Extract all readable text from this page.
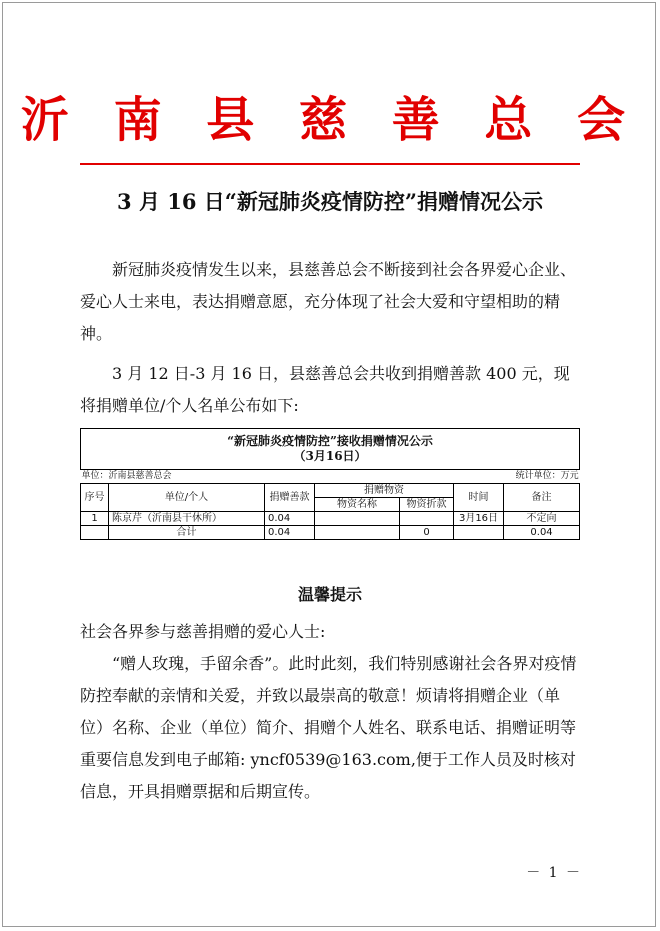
沂 南 县 慈 善 总 会
3 月 16 日“新冠肺炎疫情防控”捐赠情况公示
新冠肺炎疫情发生以来，县慈善总会不断接到社会各界爱心企业、爱心人士来电，表达捐赠意愿，充分体现了社会大爱和守望相助的精神。
3 月 12 日-3 月 16 日，县慈善总会共收到捐赠善款 400 元，现将捐赠单位/个人名单公布如下:
“新冠肺炎疫情防控”接收捐赠情况公示
（3月16日）						

单位：沂南县慈善总会				统计单位：万元		
序号	单位/个人	捐赠善款	捐赠物资		时间	备注
			物资名称	物资折款		
1	陈京芹（沂南县干休所）	0.04			3月16日	不定向
	合计	0.04		0		0.04
温馨提示
社会各界参与慈善捐赠的爱心人士:
“赠人玫瑰，手留余香”。此时此刻，我们特别感谢社会各界对疫情防控奉献的亲情和关爱，并致以最崇高的敬意！烦请将捐赠企业（单位）名称、企业（单位）简介、捐赠个人姓名、联系电话、捐赠证明等重要信息发到电子邮箱: yncf0539@163.com,便于工作人员及时核对信息，开具捐赠票据和后期宣传。
－ 1 －
